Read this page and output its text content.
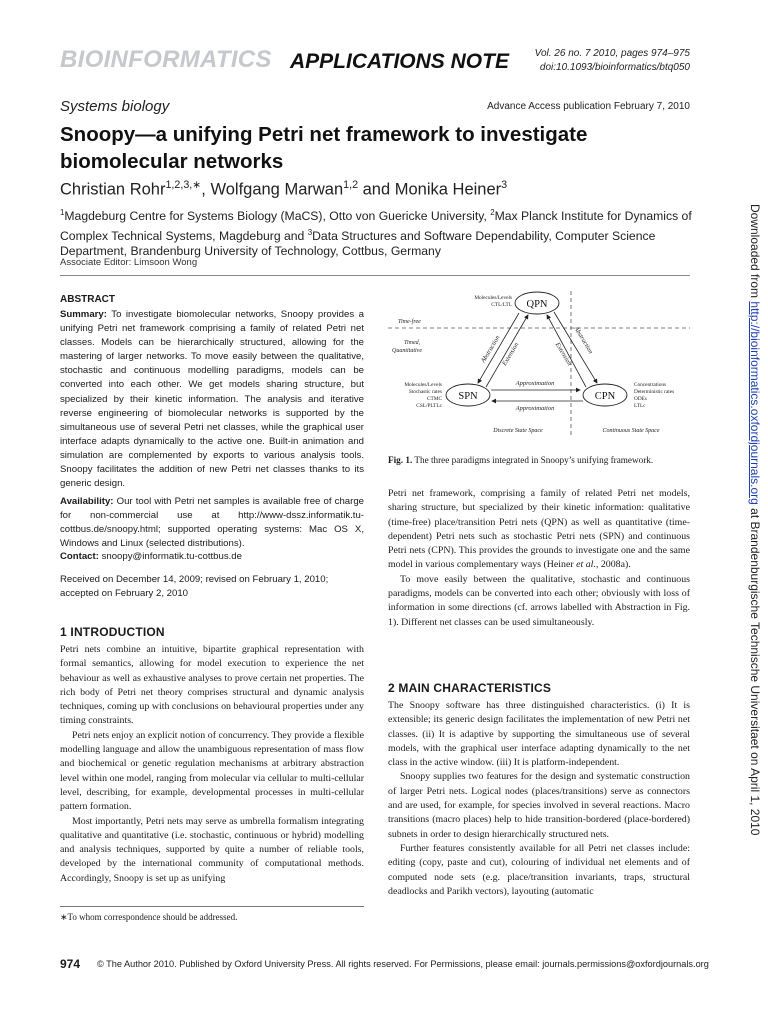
BIOINFORMATICS APPLICATIONS NOTE	Vol. 26 no. 7 2010, pages 974–975
doi:10.1093/bioinformatics/btq050
Systems biology	Advance Access publication February 7, 2010
Snoopy—a unifying Petri net framework to investigate biomolecular networks
Christian Rohr$^{1,2,3,∗}$, Wolfgang Marwan$^{1,2}$ and Monika Heiner$^3$
$^1$Magdeburg Centre for Systems Biology (MaCS), Otto von Guericke University, $^2$Max Planck Institute for Dynamics of Complex Technical Systems, Magdeburg and $^3$Data Structures and Software Dependability, Computer Science Department, Brandenburg University of Technology, Cottbus, Germany
Associate Editor: Limsoon Wong
ABSTRACT
Summary: To investigate biomolecular networks, Snoopy provides a unifying Petri net framework comprising a family of related Petri net classes. Models can be hierarchically structured, allowing for the mastering of larger networks. To move easily between the qualitative, stochastic and continuous modelling paradigms, models can be converted into each other. We get models sharing structure, but specialized by their kinetic information. The analysis and iterative reverse engineering of biomolecular networks is supported by the simultaneous use of several Petri net classes, while the graphical user interface adapts dynamically to the active one. Built-in animation and simulation are complemented by exports to various analysis tools. Snoopy facilitates the addition of new Petri net classes thanks to its generic design.
Availability: Our tool with Petri net samples is available free of charge for non-commercial use at http://www-dssz.informatik.tu-cottbus.de/snoopy.html; supported operating systems: Mac OS X, Windows and Linux (selected distributions).
Contact: snoopy@informatik.tu-cottbus.de
Received on December 14, 2009; revised on February 1, 2010; accepted on February 2, 2010
1 INTRODUCTION

Petri nets combine an intuitive, bipartite graphical representation with formal semantics, allowing for model execution to experience the net behaviour as well as exhaustive analyses to prove certain net properties. The rich body of Petri net theory comprises structural and dynamic analysis techniques, coming up with conclusions on behavioural properties under any timing constraints.

Petri nets enjoy an explicit notion of concurrency. They provide a flexible modelling language and allow the unambiguous representation of mass flow and biochemical or genetic regulation mechanisms at arbitrary abstraction level within one model, ranging from molecular via cellular to multi-cellular level, describing, for example, developmental processes in multi-cellular pattern formation.

Most importantly, Petri nets may serve as umbrella formalism integrating qualitative and quantitative (i.e. stochastic, continuous or hybrid) modelling and analysis techniques, supported by quite a number of reliable tools, developed by the international community of computational methods. Accordingly, Snoopy is set up as unifying

∗To whom correspondence should be addressed.
QPN
SPN	CPN
Approximation
Approximation
Abstraction Extension	Abstraction
Extension
Molecules/Levels
CTL/LTL
Time-free
Timed,
Quantitative
Molecules/Levels
Stochastic rates
CTMC
CSL/PLTLc
Concentrations
Deterministic rates
ODEs
LTLc
Discrete State Space	Continuous State Space
Fig. 1. The three paradigms integrated in Snoopy’s unifying framework.

Petri net framework, comprising a family of related Petri net models, sharing structure, but specialized by their kinetic information: qualitative (time-free) place/transition Petri nets (QPN) as well as quantitative (time-dependent) Petri nets such as stochastic Petri nets (SPN) and continuous Petri nets (CPN). This provides the grounds to investigate one and the same model in various complementary ways (Heiner et al., 2008a).

To move easily between the qualitative, stochastic and continuous paradigms, models can be converted into each other; obviously with loss of information in some directions (cf. arrows labelled with Abstraction in Fig. 1). Different net classes can be used simultaneously.

2 MAIN CHARACTERISTICS

The Snoopy software has three distinguished characteristics. (i) It is extensible; its generic design facilitates the implementation of new Petri net classes. (ii) It is adaptive by supporting the simultaneous use of several models, with the graphical user interface adapting dynamically to the net class in the active window. (iii) It is platform-independent.

Snoopy supplies two features for the design and systematic construction of larger Petri nets. Logical nodes (places/transitions) serve as connectors and are used, for example, for species involved in several reactions. Macro transitions (macro places) help to hide transition-bordered (place-bordered) subnets in order to design hierarchically structured nets.

Further features consistently available for all Petri net classes include: editing (copy, paste and cut), colouring of individual net elements and of computed node sets (e.g. place/transition invariants, traps, structural deadlocks and Parikh vectors), layouting (automatic

Downloaded from http://bioinformatics.oxfordjournals.org at Brandenburgische Technische Universitaet on April 1, 2010
974 © The Author 2010. Published by Oxford University Press. All rights reserved. For Permissions, please email: journals.permissions@oxfordjournals.org
